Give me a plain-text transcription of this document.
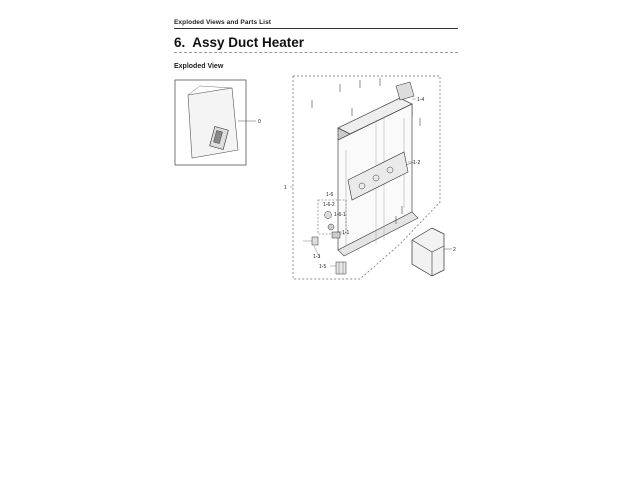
Exploded Views and Parts List
6. Assy Duct Heater
Exploded View
0
1-4
1-2
1
1-6
1-6-2
1-6-1
1-1
1-3
1-5
2
